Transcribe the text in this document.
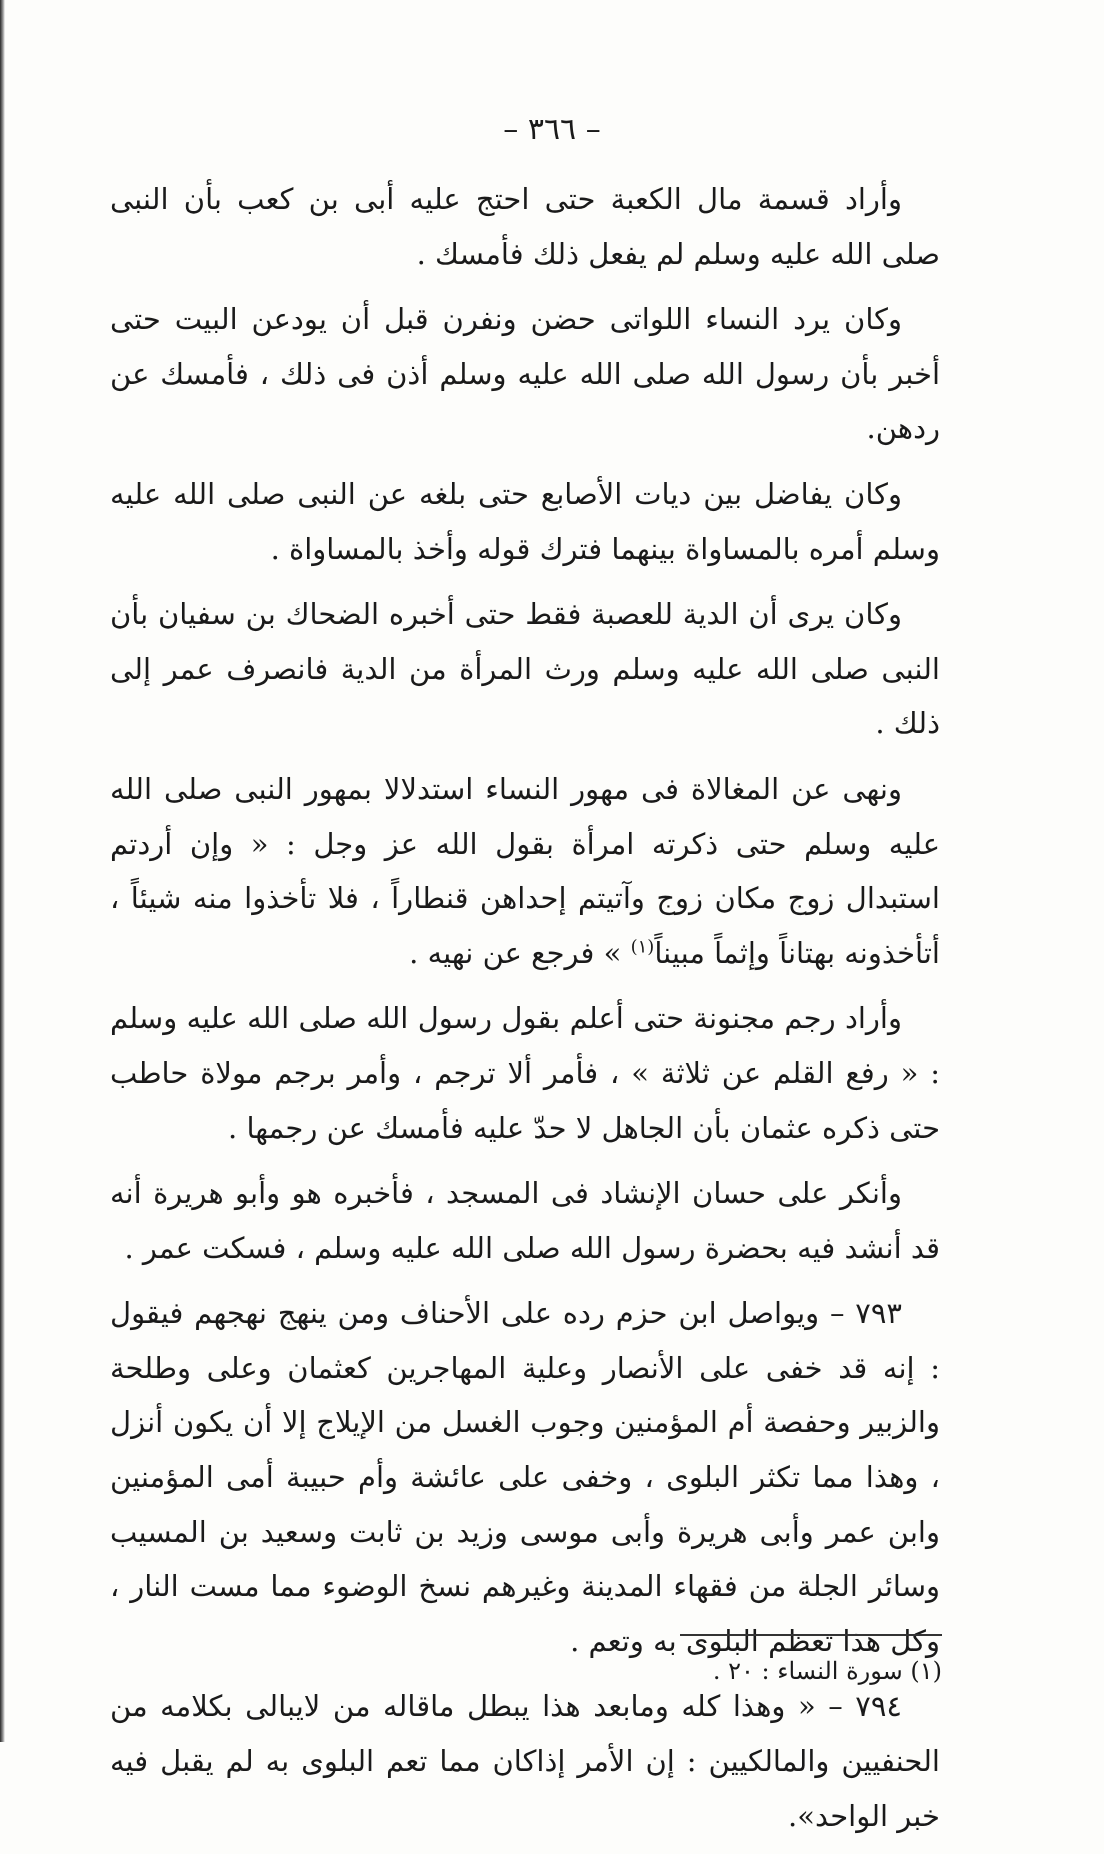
– ٣٦٦ –

وأراد قسمة مال الكعبة حتى احتج عليه أبى بن كعب بأن النبى صلى الله عليه وسلم لم يفعل ذلك فأمسك .

وكان يرد النساء اللواتى حضن ونفرن قبل أن يودعن البيت حتى أخبر بأن رسول الله صلى الله عليه وسلم أذن فى ذلك ، فأمسك عن ردهن.

وكان يفاضل بين ديات الأصابع حتى بلغه عن النبى صلى الله عليه وسلم أمره بالمساواة بينهما فترك قوله وأخذ بالمساواة .

وكان يرى أن الدية للعصبة فقط حتى أخبره الضحاك بن سفيان بأن النبى صلى الله عليه وسلم ورث المرأة من الدية فانصرف عمر إلى ذلك .

ونهى عن المغالاة فى مهور النساء استدلالا بمهور النبى صلى الله عليه وسلم حتى ذكرته امرأة بقول الله عز وجل : « وإن أردتم استبدال زوج مكان زوج وآتيتم إحداهن قنطاراً ، فلا تأخذوا منه شيئاً ، أتأخذونه بهتاناً وإثماً مبيناً$^{(١)}$ » فرجع عن نهيه .

وأراد رجم مجنونة حتى أعلم بقول رسول الله صلى الله عليه وسلم : « رفع القلم عن ثلاثة » ، فأمر ألا ترجم ، وأمر برجم مولاة حاطب حتى ذكره عثمان بأن الجاهل لا حدّ عليه فأمسك عن رجمها .

وأنكر على حسان الإنشاد فى المسجد ، فأخبره هو وأبو هريرة أنه قد أنشد فيه بحضرة رسول الله صلى الله عليه وسلم ، فسكت عمر .

٧٩٣ – ويواصل ابن حزم رده على الأحناف ومن ينهج نهجهم فيقول : إنه قد خفى على الأنصار وعلية المهاجرين كعثمان وعلى وطلحة والزبير وحفصة أم المؤمنين وجوب الغسل من الإيلاج إلا أن يكون أنزل ، وهذا مما تكثر البلوى ، وخفى على عائشة وأم حبيبة أمى المؤمنين وابن عمر وأبى هريرة وأبى موسى وزيد بن ثابت وسعيد بن المسيب وسائر الجلة من فقهاء المدينة وغيرهم نسخ الوضوء مما مست النار ، وكل هذا تعظم البلوى به وتعم .

٧٩٤ – « وهذا كله ومابعد هذا يبطل ماقاله من لايبالى بكلامه من الحنفيين والمالكيين : إن الأمر إذاكان مما تعم البلوى به لم يقبل فيه خبر الواحد».

(١) سورة النساء : ٢٠ .
